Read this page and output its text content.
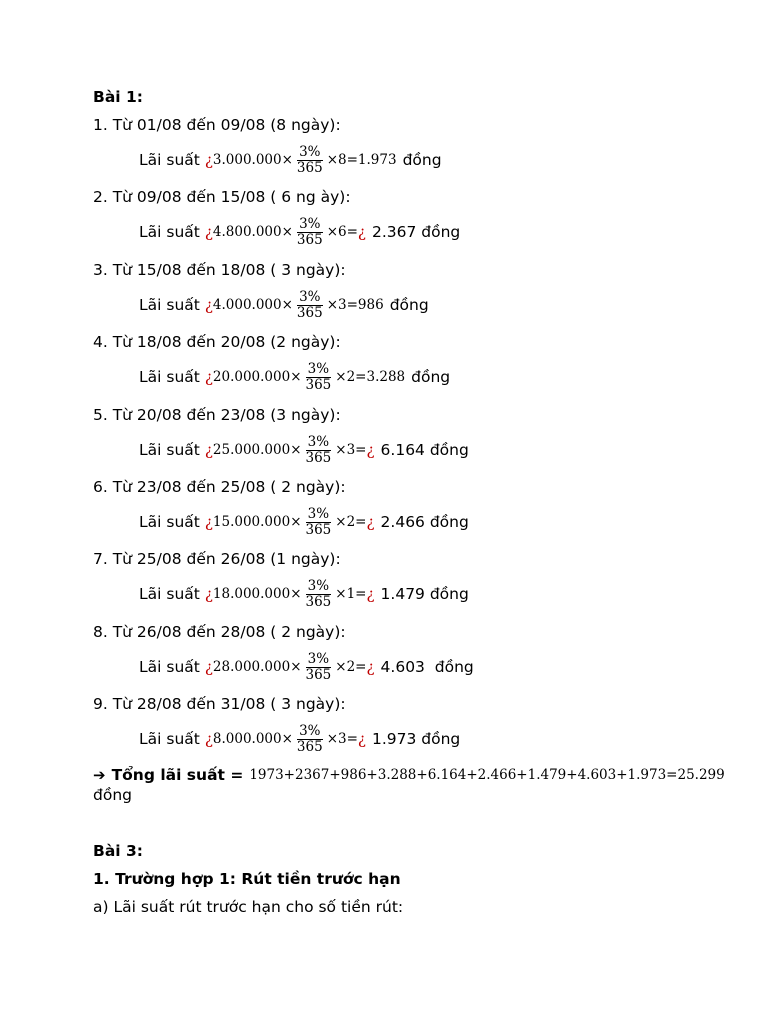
Bài 1:
1. Từ 01/08 đến 09/08 (8 ngày):
Lãi suất ¿ $3.000.000 \times \frac{3\%}{365} \times 8=1.973$ đồng
2. Từ 09/08 đến 15/08 ( 6 ng ày):
Lãi suất ¿ $4.800.000 \times \frac{3\%}{365} \times 6=$ ¿ 2.367 đồng
3. Từ 15/08 đến 18/08 ( 3 ngày):
Lãi suất ¿ $4.000.000 \times \frac{3\%}{365} \times 3=986$ đồng
4. Từ 18/08 đến 20/08 (2 ngày):
Lãi suất ¿ $20.000.000 \times \frac{3\%}{365} \times 2=3.288$ đồng
5. Từ 20/08 đến 23/08 (3 ngày):
Lãi suất ¿ $25.000.000 \times \frac{3\%}{365} \times 3=$ ¿ 6.164 đồng
6. Từ 23/08 đến 25/08 ( 2 ngày):
Lãi suất ¿ $15.000.000 \times \frac{3\%}{365} \times 2=$ ¿ 2.466 đồng
7. Từ 25/08 đến 26/08 (1 ngày):
Lãi suất ¿ $18.000.000 \times \frac{3\%}{365} \times 1=$ ¿ 1.479 đồng
8. Từ 26/08 đến 28/08 ( 2 ngày):
Lãi suất ¿ $28.000.000 \times \frac{3\%}{365} \times 2=$ ¿ 4.603  đồng
9. Từ 28/08 đến 31/08 ( 3 ngày):
Lãi suất ¿ $8.000.000 \times \frac{3\%}{365} \times 3=$ ¿ 1.973 đồng
➔ Tổng lãi suất = 1973+2367+986+3.288+6.164+2.466+1.479+4.603+1.973=25.299
đồng
Bài 3:
1. Trường hợp 1: Rút tiền trước hạn
a) Lãi suất rút trước hạn cho số tiền rút:
